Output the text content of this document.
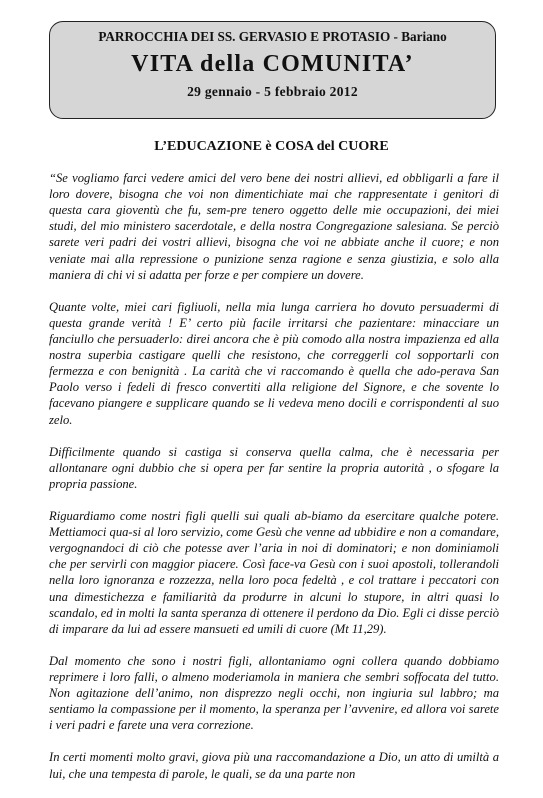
PARROCCHIA DEI SS. GERVASIO E PROTASIO - Bariano
VITA della COMUNITA’
29 gennaio - 5 febbraio 2012
L’EDUCAZIONE è COSA del CUORE

“Se vogliamo farci vedere amici del vero bene dei nostri allievi, ed obbligarli a fare il loro dovere, bisogna che voi non dimentichiate mai che rappresentate i genitori di questa cara gioventù che fu, sem-pre tenero oggetto delle mie occupazioni, dei miei studi, del mio ministero sacerdotale, e della nostra Congregazione salesiana. Se perciò sarete veri padri dei vostri allievi, bisogna che voi ne abbiate anche il cuore; e non veniate mai alla repressione o punizione senza ragione e senza giustizia, e solo alla maniera di chi vi si adatta per forze e per compiere un dovere.

Quante volte, miei cari figliuoli, nella mia lunga carriera ho dovuto persuadermi di questa grande verità ! E’ certo più facile irritarsi che pazientare: minacciare un fanciullo che persuaderlo: direi ancora che è più comodo alla nostra impazienza ed alla nostra superbia castigare quelli che resistono, che correggerli col sopportarli con fermezza e con benignità . La carità che vi raccomando è quella che ado-perava San Paolo verso i fedeli di fresco convertiti alla religione del Signore, e che sovente lo facevano piangere e supplicare quando se li vedeva meno docili e corrispondenti al suo zelo.

Difficilmente quando si castiga si conserva quella calma, che è necessaria per allontanare ogni dubbio che si opera per far sentire la propria autorità , o sfogare la propria passione.

Riguardiamo come nostri figli quelli sui quali ab-biamo da esercitare qualche potere. Mettiamoci qua-si al loro servizio, come Gesù che venne ad ubbidire e non a comandare, vergognandoci di ciò che potesse aver l’aria in noi di dominatori; e non dominiamoli che per servirli con maggior piacere. Così face-va Gesù con i suoi apostoli, tollerandoli nella loro ignoranza e rozzezza, nella loro poca fedeltà , e col trattare i peccatori con una dimestichezza e familiarità da produrre in alcuni lo stupore, in altri quasi lo scandalo, ed in molti la santa speranza di ottenere il perdono da Dio. Egli ci disse perciò di imparare da lui ad essere mansueti ed umili di cuore (Mt 11,29).

Dal momento che sono i nostri figli, allontaniamo ogni collera quando dobbiamo reprimere i loro falli, o almeno moderiamola in maniera che sembri soffocata del tutto. Non agitazione dell’animo, non disprezzo negli occhi, non ingiuria sul labbro; ma sentiamo la compassione per il momento, la speranza per l’avvenire, ed allora voi sarete i veri padri e farete una vera correzione.

In certi momenti molto gravi, giova più una raccomandazione a Dio, un atto di umiltà a lui, che una tempesta di parole, le quali, se da una parte non
